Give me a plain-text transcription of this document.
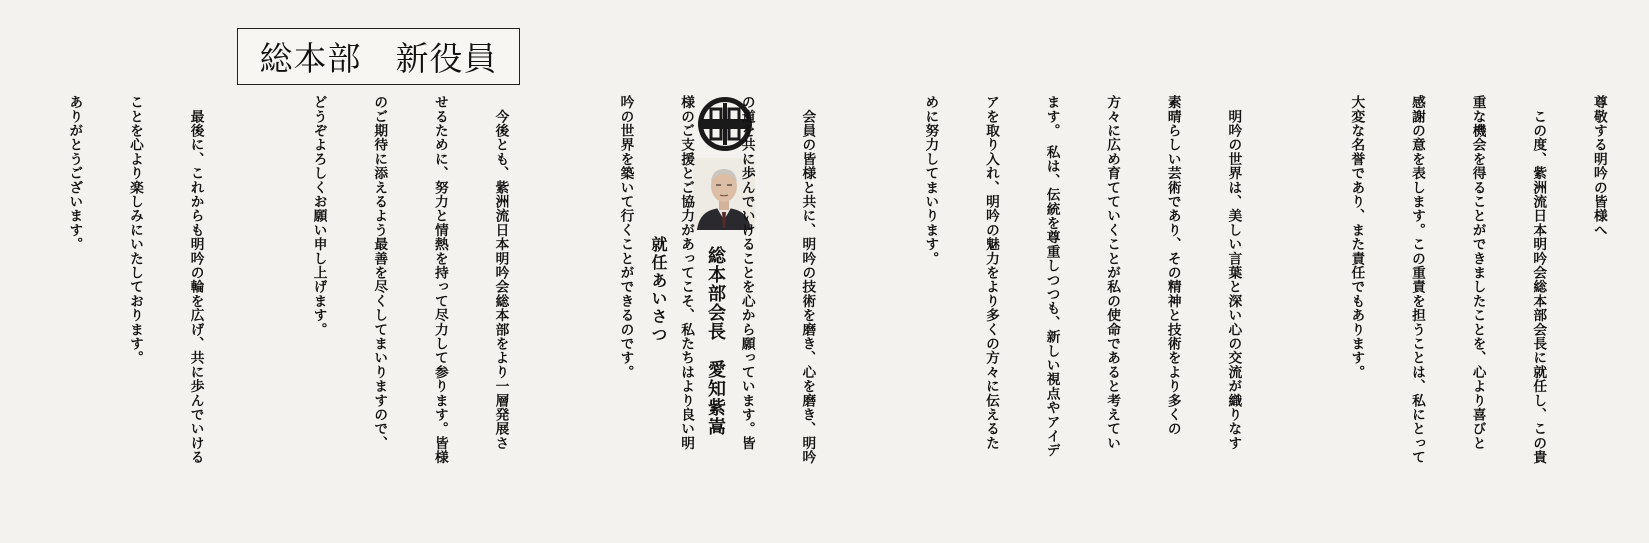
総本部　新役員
総本部会長　愛知紫嵩
就任あいさつ

尊敬する明吟の皆様へ

　この度、紫洲流日本明吟会総本部会長に就任し、この貴

重な機会を得ることができましたことを、心より喜びと

感謝の意を表します。この重責を担うことは、私にとって

大変な名誉であり、また責任でもあります。

　明吟の世界は、美しい言葉と深い心の交流が織りなす

素晴らしい芸術であり、その精神と技術をより多くの

方々に広め育てていくことが私の使命であると考えてい

ます。　私は、伝統を尊重しつつも、新しい視点やアイデ

アを取り入れ、明吟の魅力をより多くの方々に伝えるた

めに努力してまいります。

　会員の皆様と共に、明吟の技術を磨き、心を磨き、明吟

の道を共に歩んでいけることを心から願っています。皆

様のご支援とご協力があってこそ、私たちはより良い明

吟の世界を築いて行くことができるのです。

　今後とも、紫洲流日本明吟会総本部をより一層発展さ

せるために、努力と情熱を持って尽力して参ります。皆様

のご期待に添えるよう最善を尽くしてまいりますので、

どうぞよろしくお願い申し上げます。

　最後に、これからも明吟の輪を広げ、共に歩んでいける

ことを心より楽しみにいたしております。

ありがとうございます。
